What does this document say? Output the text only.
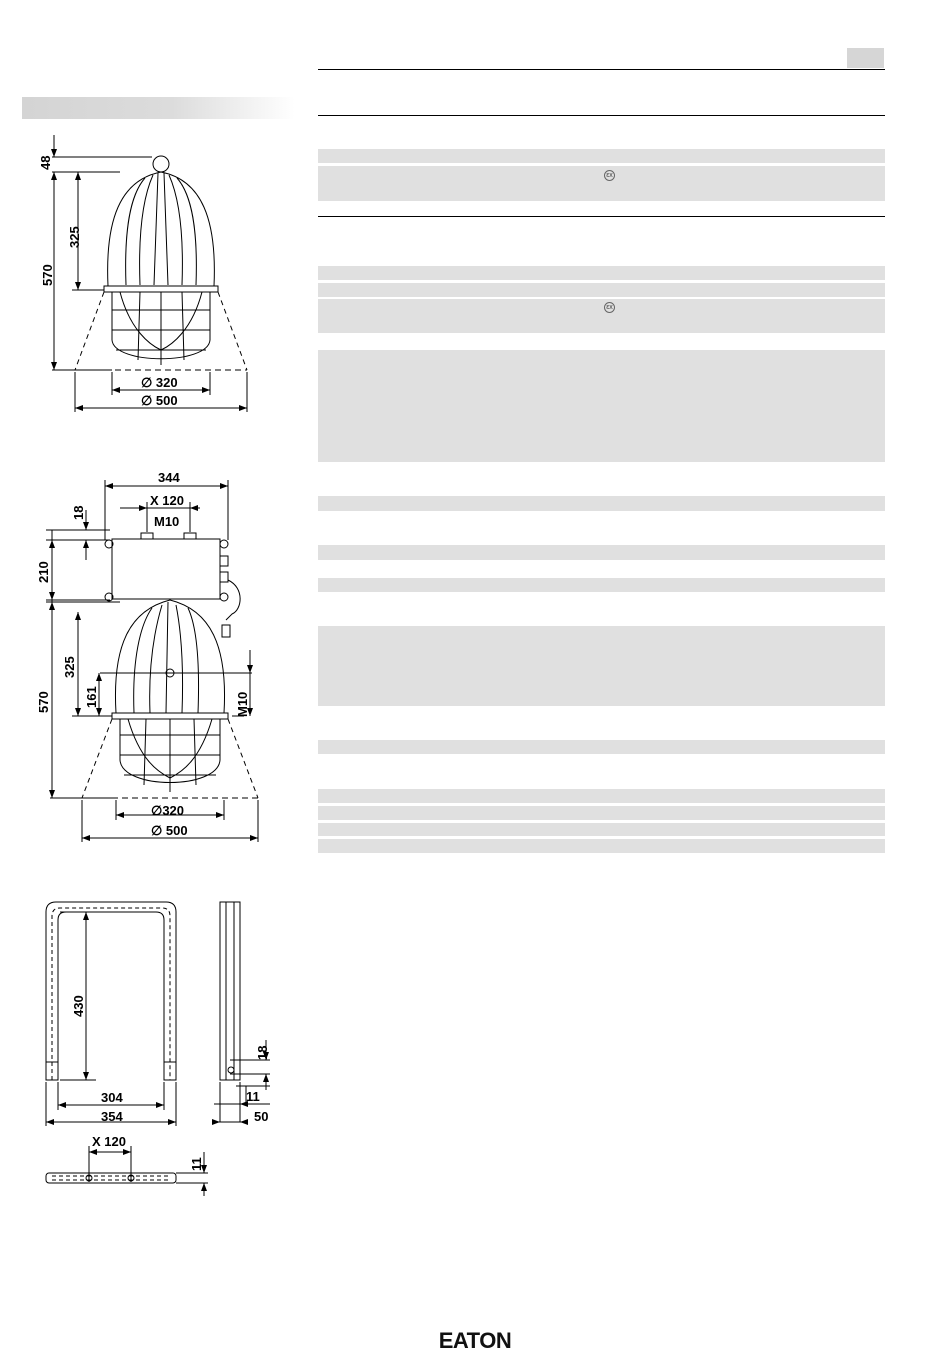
εx
εx
48
325
570
∅ 320
∅ 500
344
X 120
M10
18
210
325
570	161	M10
∅320
∅ 500
430
304
354
18
11
50
X 120
11
EATON
